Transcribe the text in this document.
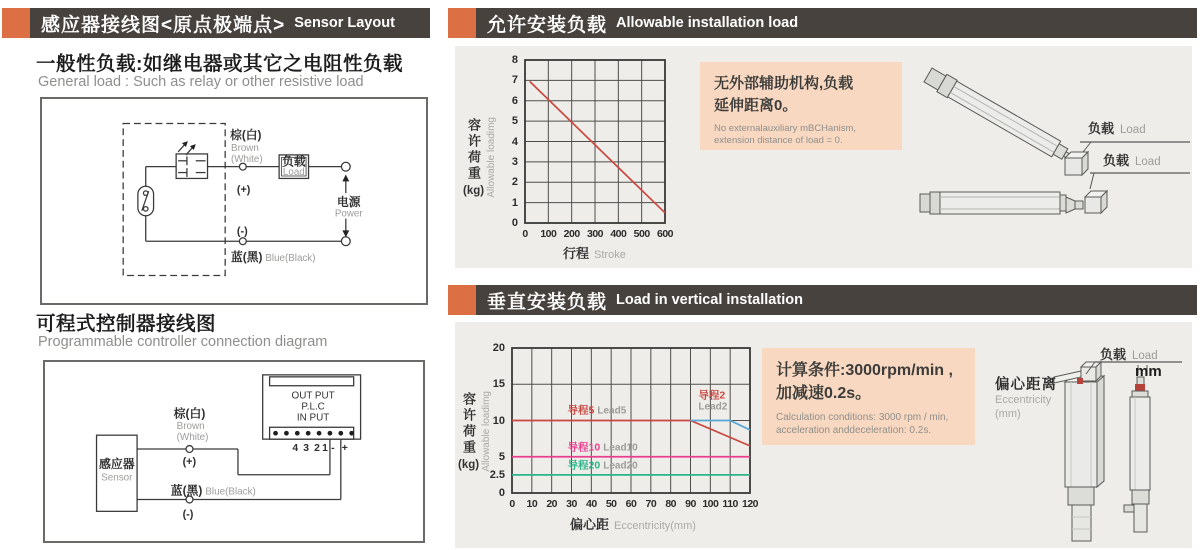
感应器接线图<原点极端点> Sensor Layout
一般性负载:如继电器或其它之电阻性负载
General load : Such as relay or other resistive load
棕(白)
Brown
(White)
(+)
(-)
负载
Load
电源
Power
蓝(黑) Blue(Black)
可程式控制器接线图
Programmable controller connection diagram
感应器
Sensor
OUT PUT
P.L.C
IN PUT
4 3 2 1 - +
棕(白)
Brown
(White)
(+)
蓝(黑) Blue(Black)
(-)
允许安装负载 Allowable installation load
容许荷重
(kg) Allowable loadimg
0 100 200 300 400 500 600
0
1
2
3
4
5
6
7
8
行程 Stroke
无外部辅助机构,负载
延伸距离0。
No externalauxiliary mBCHanism, extension distance of load = 0.
负载 Load
负载 Load
垂直安装负载 Load in vertical installation
容许荷重
(kg) Allowable loadimg
0 10 20 30 40 50 60 70 80 90 100 110 120
0
2.5
5
10
15
20
导程5 Lead5
导程2
Lead2
导程10 Lead10
导程20 Lead20
偏心距 Eccentricity(mm)
计算条件:3000rpm/min ,
加减速0.2s。
Calculation conditions: 3000 rpm / min, acceleration anddeceleration: 0.2s.
负载 Load
mm
偏心距离
Eccentricity
(mm)
